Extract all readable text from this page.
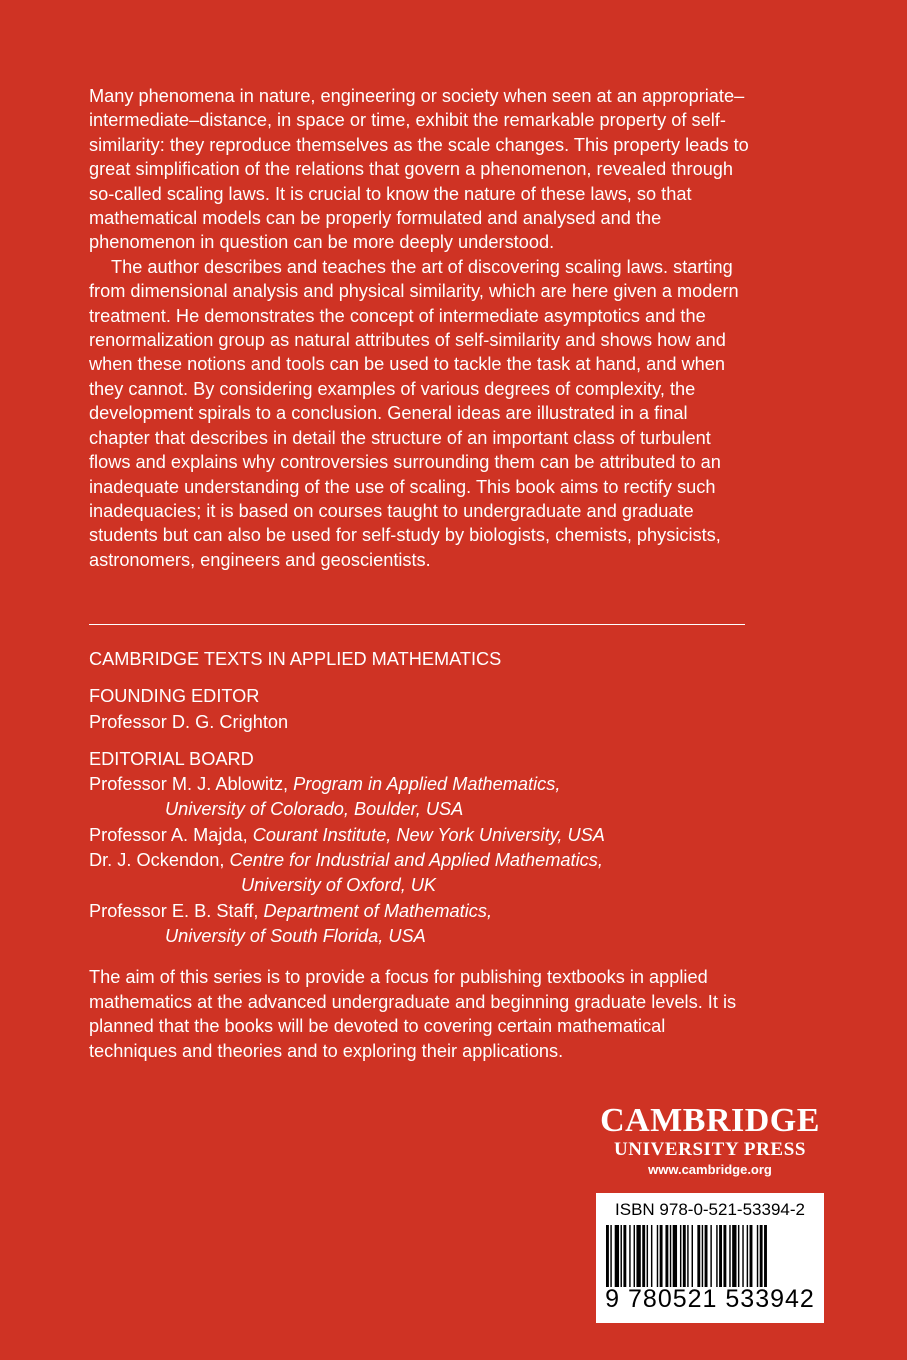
Many phenomena in nature, engineering or society when seen at an appropriate–intermediate–distance, in space or time, exhibit the remarkable property of self-similarity: they reproduce themselves as the scale changes. This property leads to great simplification of the relations that govern a phenomenon, revealed through so-called scaling laws. It is crucial to know the nature of these laws, so that mathematical models can be properly formulated and analysed and the phenomenon in question can be more deeply understood.

The author describes and teaches the art of discovering scaling laws. starting from dimensional analysis and physical similarity, which are here given a modern treatment. He demonstrates the concept of intermediate asymptotics and the renormalization group as natural attributes of self-similarity and shows how and when these notions and tools can be used to tackle the task at hand, and when they cannot. By considering examples of various degrees of complexity, the development spirals to a conclusion. General ideas are illustrated in a final chapter that describes in detail the structure of an important class of turbulent flows and explains why controversies surrounding them can be attributed to an inadequate understanding of the use of scaling. This book aims to rectify such inadequacies; it is based on courses taught to undergraduate and graduate students but can also be used for self-study by biologists, chemists, physicists, astronomers, engineers and geoscientists.

CAMBRIDGE TEXTS IN APPLIED MATHEMATICS
FOUNDING EDITOR
Professor D. G. Crighton
EDITORIAL BOARD
Professor M. J. Ablowitz, Program in Applied Mathematics,
University of Colorado, Boulder, USA
Professor A. Majda, Courant Institute, New York University, USA
Dr. J. Ockendon, Centre for Industrial and Applied Mathematics,
University of Oxford, UK
Professor E. B. Staff, Department of Mathematics,
University of South Florida, USA

The aim of this series is to provide a focus for publishing textbooks in applied mathematics at the advanced undergraduate and beginning graduate levels. It is planned that the books will be devoted to covering certain mathematical techniques and theories and to exploring their applications.

CAMBRIDGE
UNIVERSITY PRESS
www.cambridge.org
ISBN 978-0-521-53394-2
9 780521 533942
